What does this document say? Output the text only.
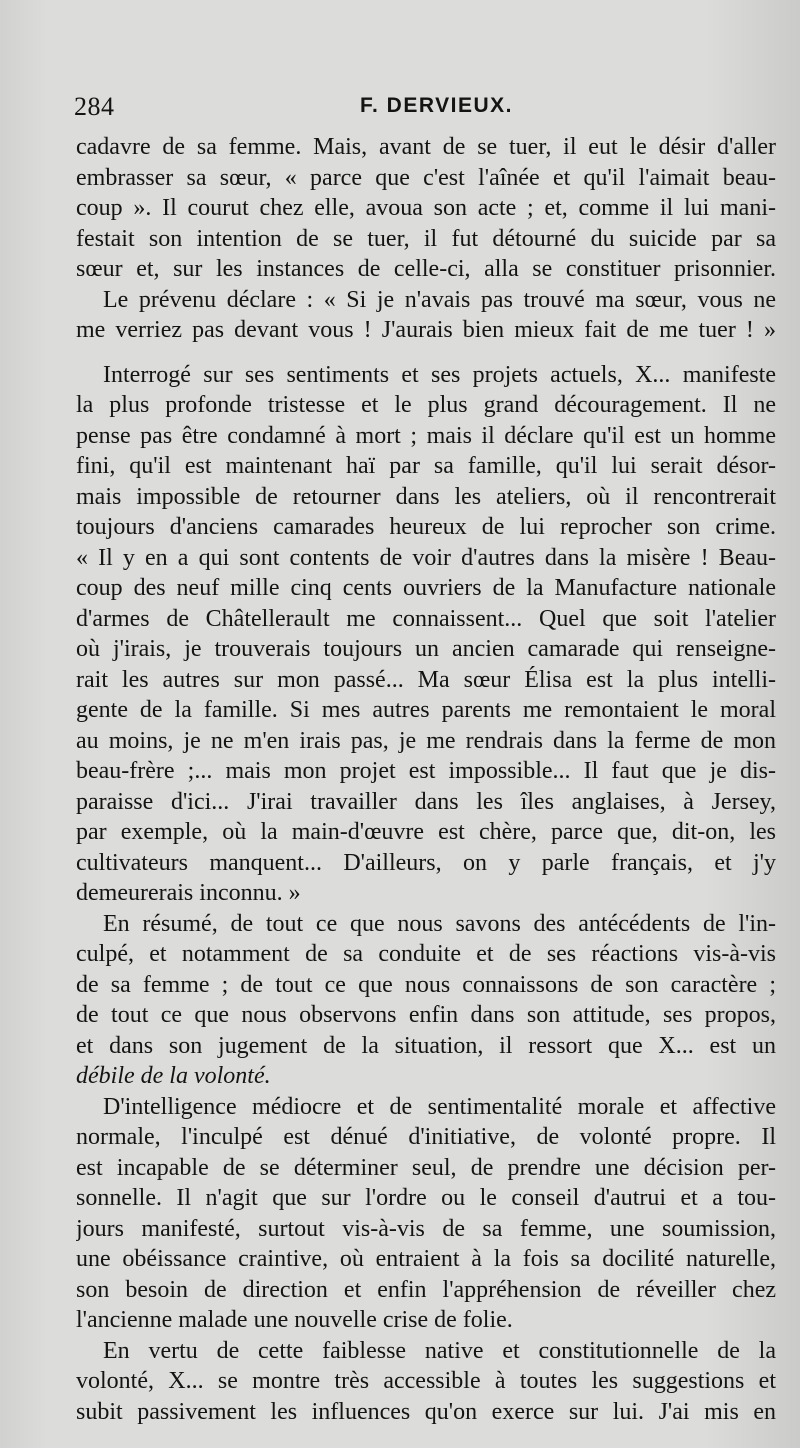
284	F. DERVIEUX.
cadavre de sa femme. Mais, avant de se tuer, il eut le désir d'aller
embrasser sa sœur, « parce que c'est l'aînée et qu'il l'aimait beau-
coup ». Il courut chez elle, avoua son acte ; et, comme il lui mani-
festait son intention de se tuer, il fut détourné du suicide par sa
sœur et, sur les instances de celle-ci, alla se constituer prisonnier.
Le prévenu déclare : « Si je n'avais pas trouvé ma sœur, vous ne
me verriez pas devant vous ! J'aurais bien mieux fait de me tuer ! »
Interrogé sur ses sentiments et ses projets actuels, X... manifeste
la plus profonde tristesse et le plus grand découragement. Il ne
pense pas être condamné à mort ; mais il déclare qu'il est un homme
fini, qu'il est maintenant haï par sa famille, qu'il lui serait désor-
mais impossible de retourner dans les ateliers, où il rencontrerait
toujours d'anciens camarades heureux de lui reprocher son crime.
« Il y en a qui sont contents de voir d'autres dans la misère ! Beau-
coup des neuf mille cinq cents ouvriers de la Manufacture nationale
d'armes de Châtellerault me connaissent... Quel que soit l'atelier
où j'irais, je trouverais toujours un ancien camarade qui renseigne-
rait les autres sur mon passé... Ma sœur Élisa est la plus intelli-
gente de la famille. Si mes autres parents me remontaient le moral
au moins, je ne m'en irais pas, je me rendrais dans la ferme de mon
beau-frère ;... mais mon projet est impossible... Il faut que je dis-
paraisse d'ici... J'irai travailler dans les îles anglaises, à Jersey,
par exemple, où la main-d'œuvre est chère, parce que, dit-on, les
cultivateurs manquent... D'ailleurs, on y parle français, et j'y
demeurerais inconnu. »
En résumé, de tout ce que nous savons des antécédents de l'in-
culpé, et notamment de sa conduite et de ses réactions vis-à-vis
de sa femme ; de tout ce que nous connaissons de son caractère ;
de tout ce que nous observons enfin dans son attitude, ses propos,
et dans son jugement de la situation, il ressort que X... est un
débile de la volonté.
D'intelligence médiocre et de sentimentalité morale et affective
normale, l'inculpé est dénué d'initiative, de volonté propre. Il
est incapable de se déterminer seul, de prendre une décision per-
sonnelle. Il n'agit que sur l'ordre ou le conseil d'autrui et a tou-
jours manifesté, surtout vis-à-vis de sa femme, une soumission,
une obéissance craintive, où entraient à la fois sa docilité naturelle,
son besoin de direction et enfin l'appréhension de réveiller chez
l'ancienne malade une nouvelle crise de folie.
En vertu de cette faiblesse native et constitutionnelle de la
volonté, X... se montre très accessible à toutes les suggestions et
subit passivement les influences qu'on exerce sur lui. J'ai mis en
